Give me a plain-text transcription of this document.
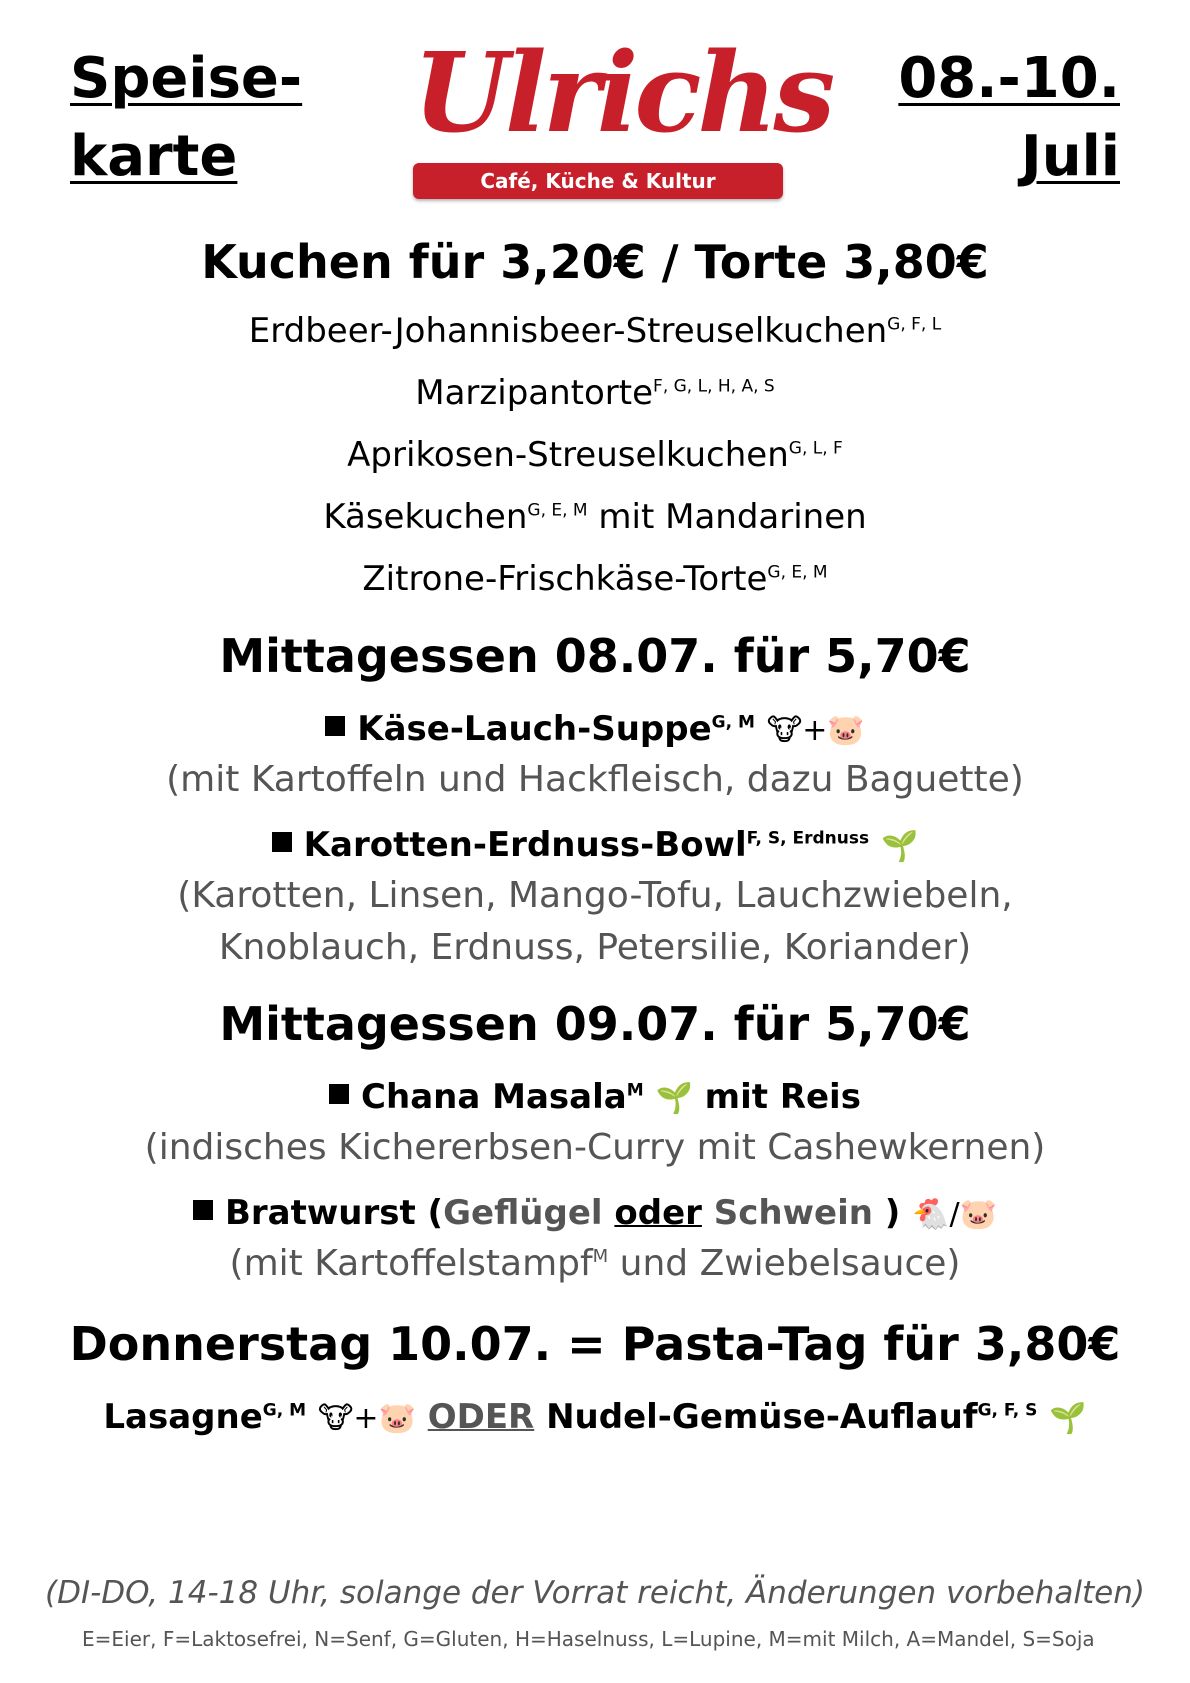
Speise-
karte	Ulrichs
Café, Küche & Kultur
08.-10.
Juli
Kuchen für 3,20€ / Torte 3,80€
Erdbeer-Johannisbeer-Streuselkuchen$^{G, F, L}$
Marzipantorte$^{F, G, L, H, A, S}$
Aprikosen-Streuselkuchen$^{G, L, F}$
Käsekuchen$^{G, E, M}$ mit Mandarinen
Zitrone-Frischkäse-Torte$^{G, E, M}$
Mittagessen 08.07. für 5,70€
Käse-Lauch-Suppe$^{G, M}$ 🐮+🐷
(mit Kartoffeln und Hackfleisch, dazu Baguette)
Karotten-Erdnuss-Bowl$^{F, S, Erdnuss}$ 🌱
(Karotten, Linsen, Mango-Tofu, Lauchzwiebeln,
Knoblauch, Erdnuss, Petersilie, Koriander)
Mittagessen 09.07. für 5,70€
Chana Masala$^M$ 🌱 mit Reis
(indisches Kichererbsen-Curry mit Cashewkernen)
Bratwurst (Geflügel oder Schwein ) 🐔/🐷
(mit Kartoffelstampf$^M$ und Zwiebelsauce)
Donnerstag 10.07. = Pasta-Tag für 3,80€
Lasagne$^{G, M}$ 🐮+🐷 ODER Nudel-Gemüse-Auflauf$^{G, F, S}$ 🌱
(DI-DO, 14-18 Uhr, solange der Vorrat reicht, Änderungen vorbehalten)
E=Eier, F=Laktosefrei, N=Senf, G=Gluten, H=Haselnuss, L=Lupine, M=mit Milch, A=Mandel, S=Soja
